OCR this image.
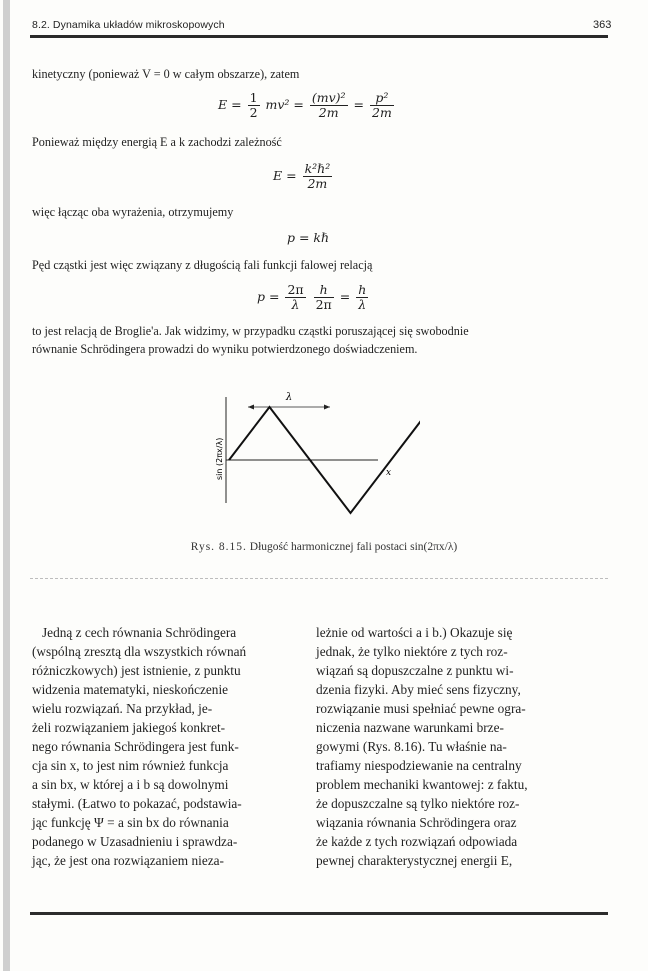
8.2. Dynamika układów mikroskopowych	363
kinetyczny (ponieważ V = 0 w całym obszarze), zatem
$E = \frac{1}{2} mv^2 = \frac{\text{(mv)²}}{2m} = \frac{\text{p²}}{2m}$
Ponieważ między energią E a k zachodzi zależność
$E = \frac{\text{k²ℏ²}}{2m}$
więc łącząc oba wyrażenia, otrzymujemy
p = kℏ
Pęd cząstki jest więc związany z długością fali funkcji falowej relacją
$p = \frac{2\pi}{\lambda}$
$\frac{h}{2\pi} = \frac{h}{\lambda}$
to jest relacją de Broglie'a. Jak widzimy, w przypadku cząstki poruszającej się swobodnie
równanie Schrödingera prowadzi do wyniku potwierdzonego doświadczeniem.
λ
x
sin (2πx/λ)
Rys. 8.15. Długość harmonicznej fali postaci sin(2πx/λ)

Jedną z cech równania Schrödingera

(wspólną zresztą dla wszystkich równań

różniczkowych) jest istnienie, z punktu

widzenia matematyki, nieskończenie

wielu rozwiązań. Na przykład, je-

żeli rozwiązaniem jakiegoś konkret-

nego równania Schrödingera jest funk-

cja sin x, to jest nim również funkcja

a sin bx, w której a i b są dowolnymi

stałymi. (Łatwo to pokazać, podstawia-

jąc funkcję Ψ = a sin bx do równania

podanego w Uzasadnieniu i sprawdza-

jąc, że jest ona rozwiązaniem nieza-

leżnie od wartości a i b.) Okazuje się

jednak, że tylko niektóre z tych roz-

wiązań są dopuszczalne z punktu wi-

dzenia fizyki. Aby mieć sens fizyczny,

rozwiązanie musi spełniać pewne ogra-

niczenia nazwane warunkami brze-

gowymi (Rys. 8.16). Tu właśnie na-

trafiamy niespodziewanie na centralny

problem mechaniki kwantowej: z faktu,

że dopuszczalne są tylko niektóre roz-

wiązania równania Schrödingera oraz

że każde z tych rozwiązań odpowiada

pewnej charakterystycznej energii E,
